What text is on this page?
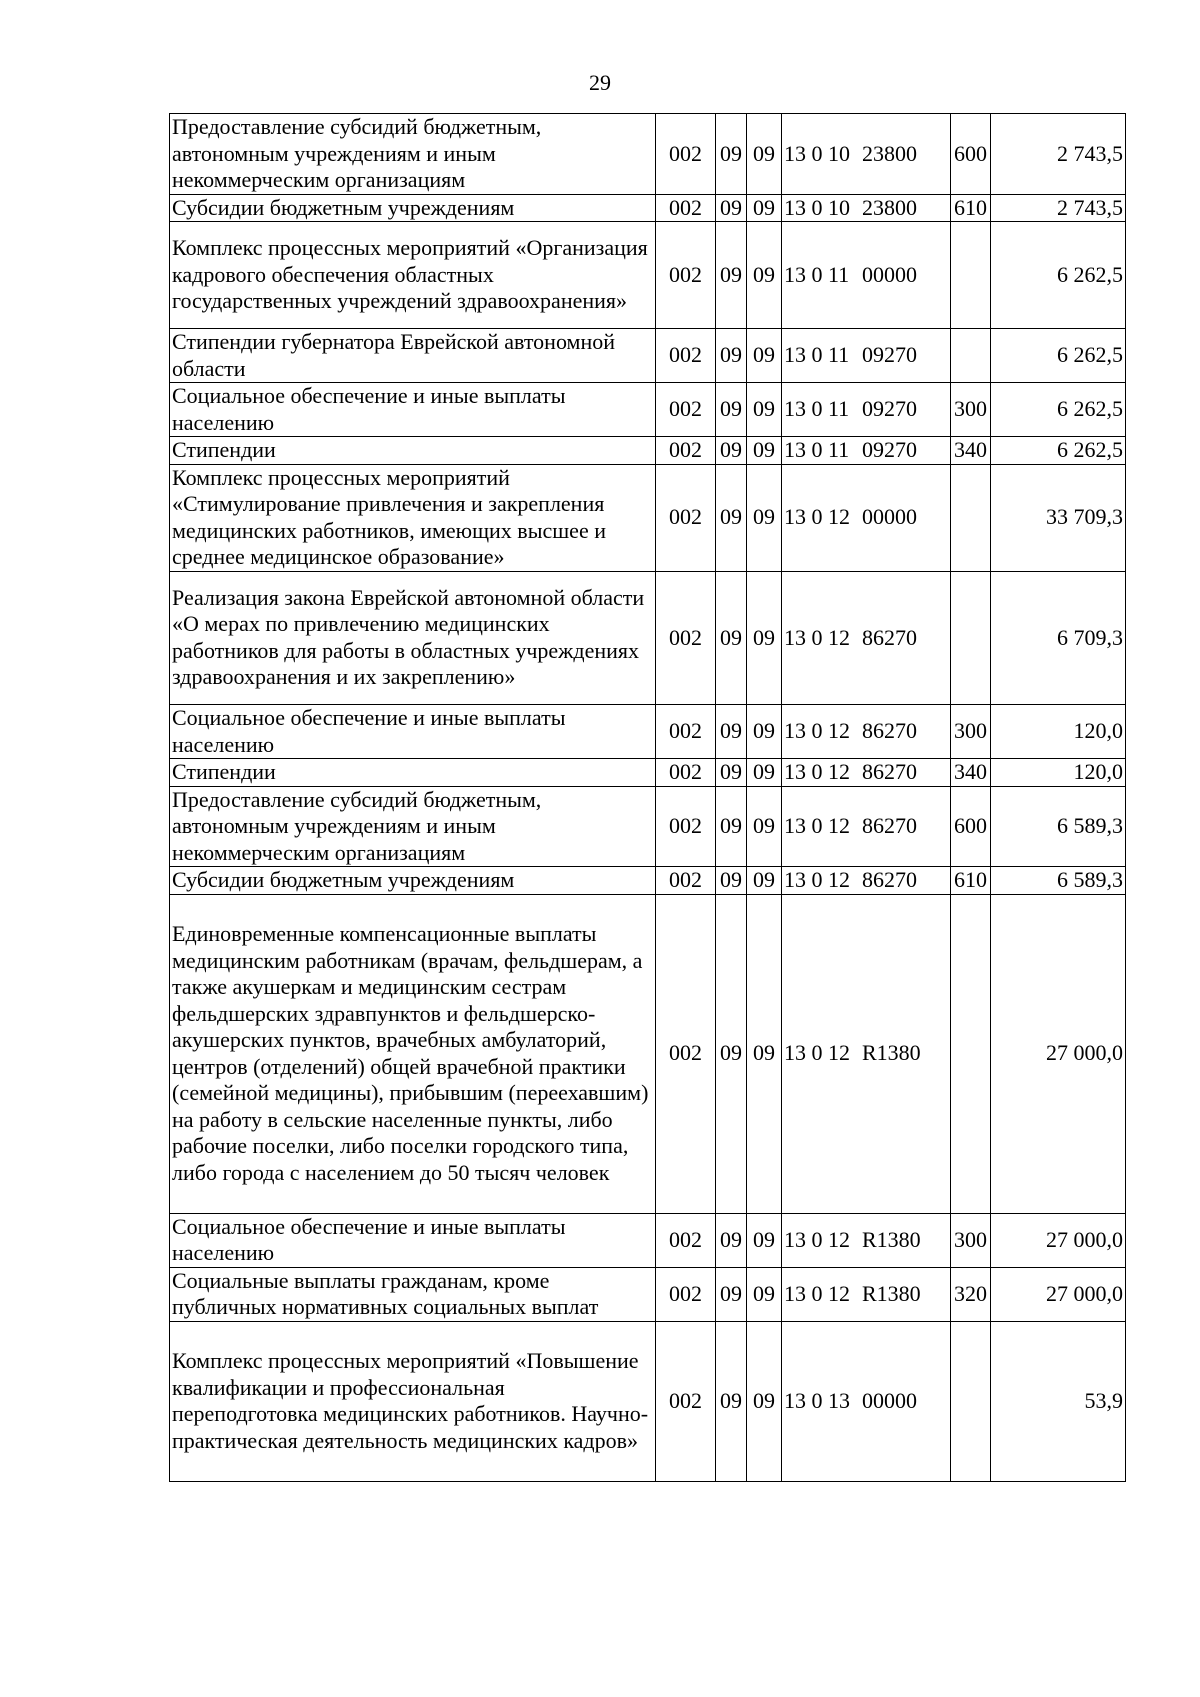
29
Предоставление субсидий бюджетным, автономным учреждениям и иным некоммерческим организациям	002	09	09	13 0 10 23800	600	2 743,5
Субсидии бюджетным учреждениям	002	09	09	13 0 10 23800	610	2 743,5
Комплекс процессных мероприятий «Организация кадрового обеспечения областных государственных учреждений здравоохранения»	002	09	09	13 0 11 00000		6 262,5
Стипендии губернатора Еврейской автономной области	002	09	09	13 0 11 09270		6 262,5
Социальное обеспечение и иные выплаты населению	002	09	09	13 0 11 09270	300	6 262,5
Стипендии	002	09	09	13 0 11 09270	340	6 262,5
Комплекс процессных мероприятий «Стимулирование привлечения и закрепления медицинских работников, имеющих высшее и среднее медицинское образование»	002	09	09	13 0 12 00000		33 709,3
Реализация закона Еврейской автономной области «О мерах по привлечению медицинских работников для работы в областных учреждениях здравоохранения и их закреплению»	002	09	09	13 0 12 86270		6 709,3
Социальное обеспечение и иные выплаты населению	002	09	09	13 0 12 86270	300	120,0
Стипендии	002	09	09	13 0 12 86270	340	120,0
Предоставление субсидий бюджетным, автономным учреждениям и иным некоммерческим организациям	002	09	09	13 0 12 86270	600	6 589,3
Субсидии бюджетным учреждениям	002	09	09	13 0 12 86270	610	6 589,3
Единовременные компенсационные выплаты медицинским работникам (врачам, фельдшерам, а также акушеркам и медицинским сестрам фельдшерских здравпунктов и фельдшерско-акушерских пунктов, врачебных амбулаторий, центров (отделений) общей врачебной практики (семейной медицины), прибывшим (переехавшим) на работу в сельские населенные пункты, либо рабочие поселки, либо поселки городского типа, либо города с населением до 50 тысяч человек	002	09	09	13 0 12 R1380		27 000,0
Социальное обеспечение и иные выплаты населению	002	09	09	13 0 12 R1380	300	27 000,0
Социальные выплаты гражданам, кроме публичных нормативных социальных выплат	002	09	09	13 0 12 R1380	320	27 000,0
Комплекс процессных мероприятий «Повышение квалификации и профессиональная переподготовка медицинских работников. Научно-практическая деятельность медицинских кадров»	002	09	09	13 0 13 00000		53,9
